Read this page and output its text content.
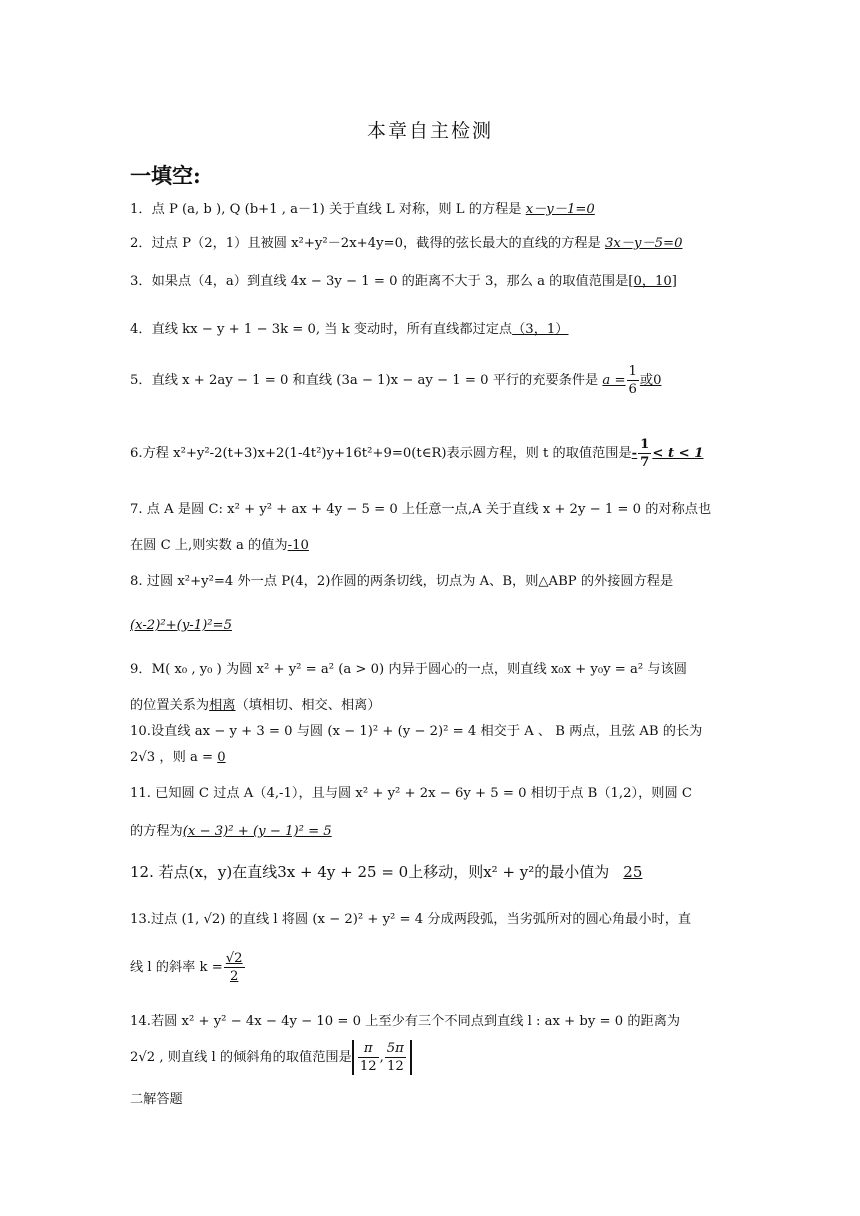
本章自主检测
一填空:
1．点 P (a, b ), Q (b+1 , a－1) 关于直线 L 对称，则 L 的方程是 x－y－1=0
2．过点 P（2，1）且被圆 x²+y²－2x+4y=0，截得的弦长最大的直线的方程是 3x－y－5=0
3．如果点（4，a）到直线 4x − 3y − 1 = 0 的距离不大于 3，那么 a 的取值范围是[0，10]
4．直线 kx − y + 1 − 3k = 0, 当 k 变动时，所有直线都过定点（3，1）
5．直线 x + 2ay − 1 = 0 和直线 (3a − 1)x − ay − 1 = 0 平行的充要条件是 $a = \frac{1}{6}$ 或0
6.方程 x²+y²-2(t+3)x+2(1-4t²)y+16t²+9=0(t∈R)表示圆方程，则 t 的取值范围是- $\frac{1}{7} < t < 1$
7. 点 A 是圆 C: x² + y² + ax + 4y − 5 = 0 上任意一点,A 关于直线 x + 2y − 1 = 0 的对称点也
在圆 C 上,则实数 a 的值为-10
8. 过圆 x²+y²=4 外一点 P(4，2)作圆的两条切线，切点为 A、B，则△ABP 的外接圆方程是
(x-2)²+(y-1)²=5
9．M( x₀ , y₀ ) 为圆 x² + y² = a² (a > 0) 内异于圆心的一点，则直线 x₀x + y₀y = a² 与该圆
的位置关系为相离（填相切、相交、相离）
10.设直线 ax − y + 3 = 0 与圆 (x − 1)² + (y − 2)² = 4 相交于 A 、 B 两点，且弦 AB 的长为
2√3 ，则 a = 0
11. 已知圆 C 过点 A（4,-1），且与圆 x² + y² + 2x − 6y + 5 = 0 相切于点 B（1,2），则圆 C
的方程为(x − 3)² + (y − 1)² = 5
12. 若点(x，y)在直线3x + 4y + 25 = 0上移动，则x² + y²的最小值为 25
13.过点 (1, √2) 的直线 l 将圆 (x − 2)² + y² = 4 分成两段弧，当劣弧所对的圆心角最小时，直
线 l 的斜率 $k = \frac{√2}{2}$
14.若圆 x² + y² − 4x − 4y − 10 = 0 上至少有三个不同点到直线 l : ax + by = 0 的距离为
2√2 , 则直线 l 的倾斜角的取值范围是 $\frac{\pi}{12}$ , $\frac{5\pi}{12}$
二解答题
